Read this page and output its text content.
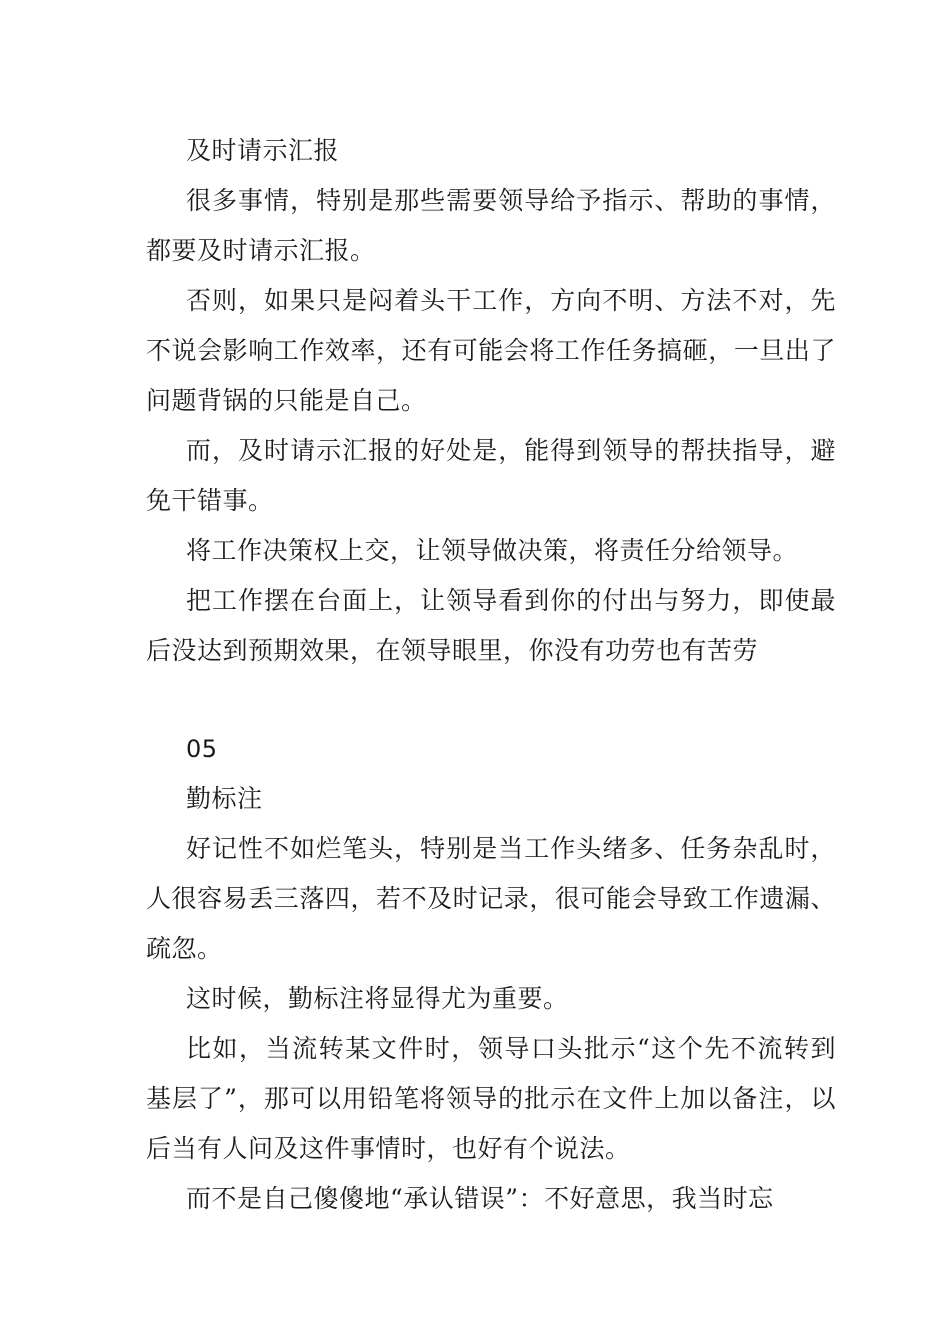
及时请示汇报

很多事情，特别是那些需要领导给予指示、帮助的事情，都要及时请示汇报。

否则，如果只是闷着头干工作，方向不明、方法不对，先不说会影响工作效率，还有可能会将工作任务搞砸，一旦出了问题背锅的只能是自己。

而，及时请示汇报的好处是，能得到领导的帮扶指导，避免干错事。

将工作决策权上交，让领导做决策，将责任分给领导。

把工作摆在台面上，让领导看到你的付出与努力，即使最后没达到预期效果，在领导眼里，你没有功劳也有苦劳

05

勤标注

好记性不如烂笔头，特别是当工作头绪多、任务杂乱时，人很容易丢三落四，若不及时记录，很可能会导致工作遗漏、疏忽。

这时候，勤标注将显得尤为重要。

比如，当流转某文件时，领导口头批示“这个先不流转到基层了”，那可以用铅笔将领导的批示在文件上加以备注，以后当有人问及这件事情时，也好有个说法。

而不是自己傻傻地“承认错误”：不好意思，我当时忘
